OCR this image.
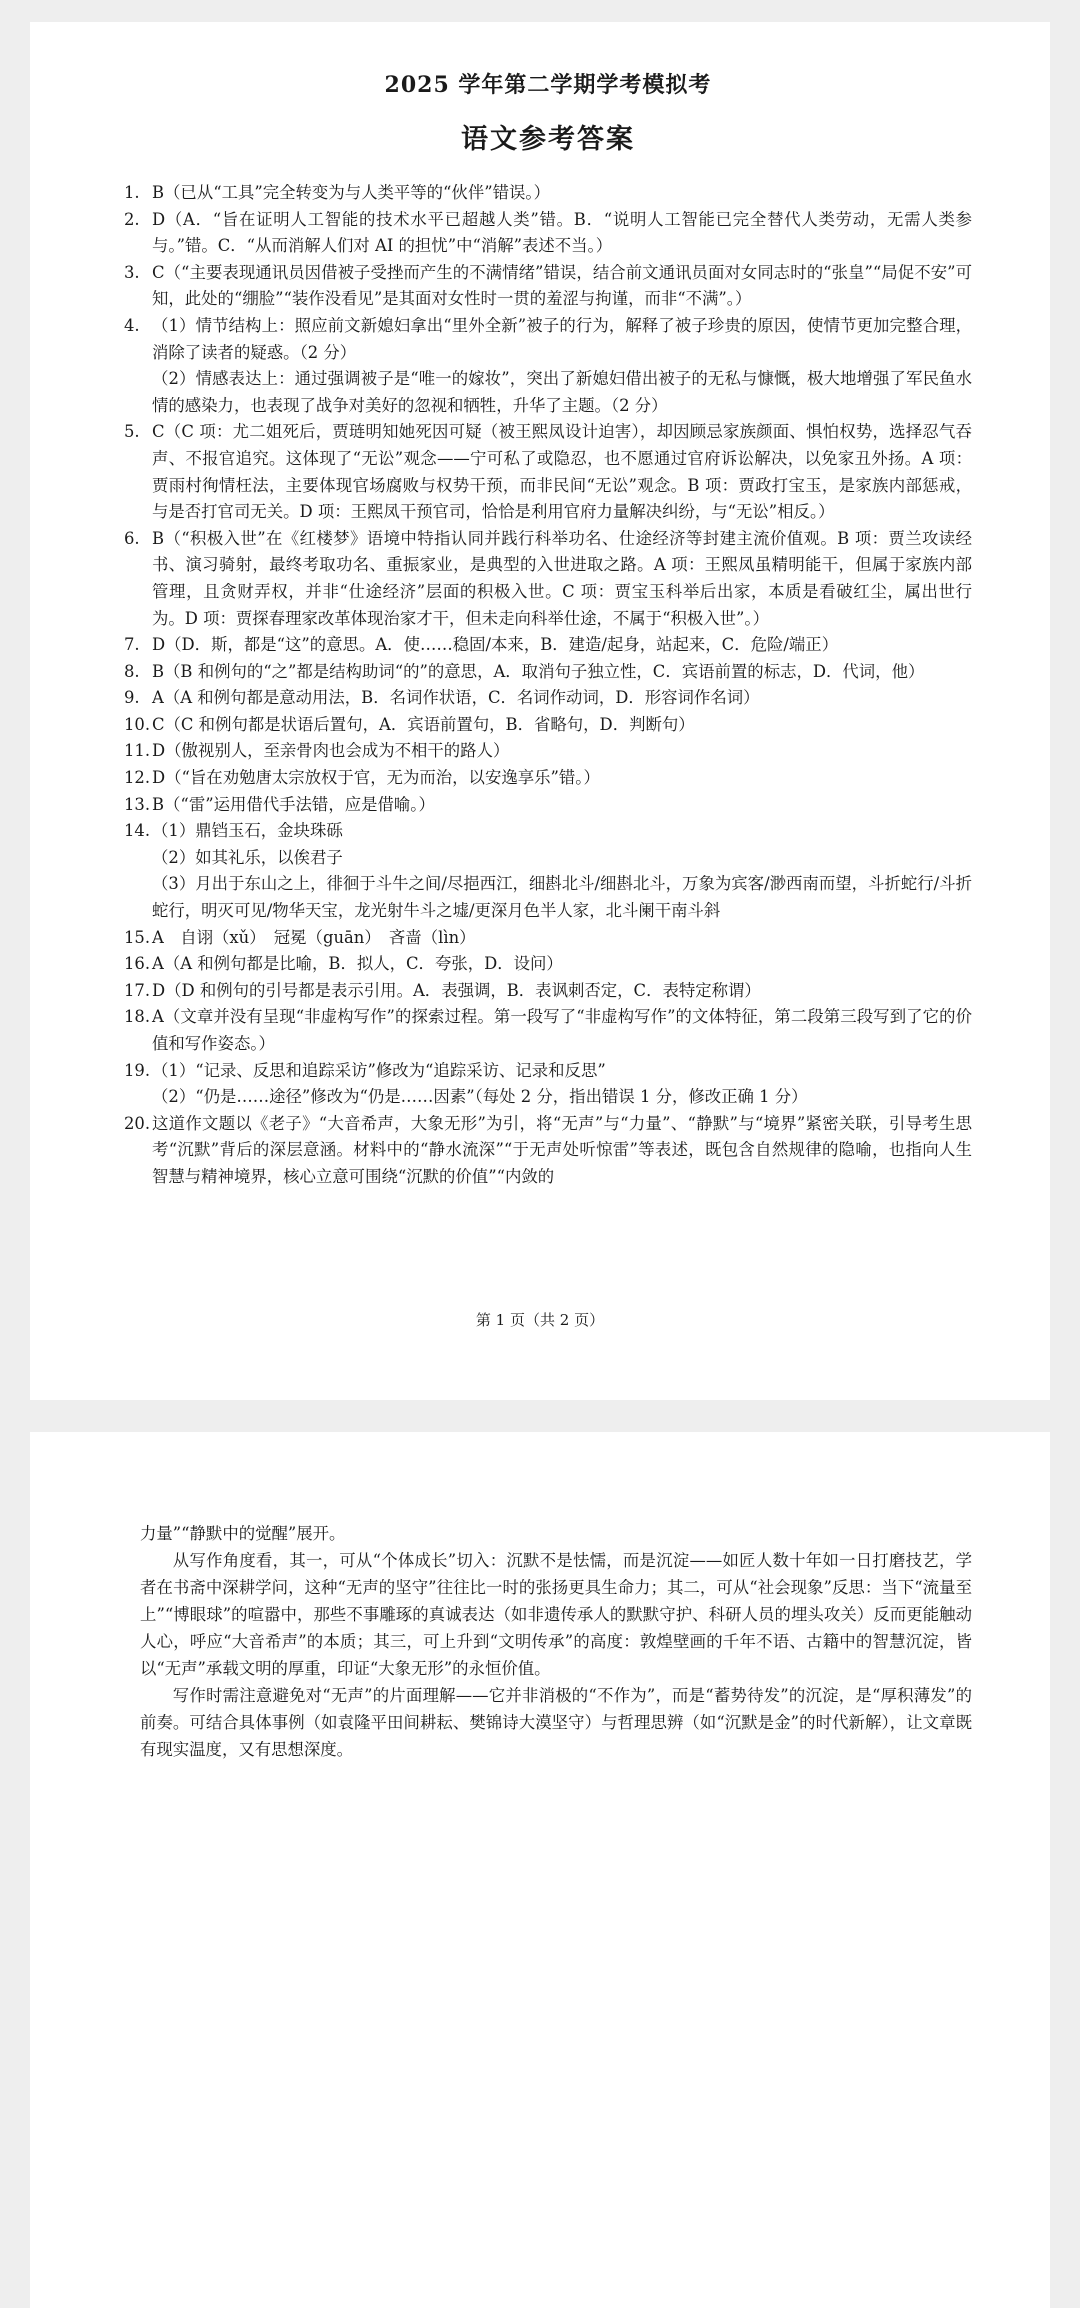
2025 学年第二学期学考模拟考
语文参考答案
1. B（已从“工具”完全转变为与人类平等的“伙伴”错误。）
2. D（A．“旨在证明人工智能的技术水平已超越人类”错。B．“说明人工智能已完全替代人类劳动，无需人类参与。”错。C．“从而消解人们对 AI 的担忧”中“消解”表述不当。）
3. C（“主要表现通讯员因借被子受挫而产生的不满情绪”错误，结合前文通讯员面对女同志时的“张皇”“局促不安”可知，此处的“绷脸”“装作没看见”是其面对女性时一贯的羞涩与拘谨，而非“不满”。）
4. （1）情节结构上：照应前文新媳妇拿出“里外全新”被子的行为，解释了被子珍贵的原因，使情节更加完整合理，消除了读者的疑惑。（2 分）
（2）情感表达上：通过强调被子是“唯一的嫁妆”，突出了新媳妇借出被子的无私与慷慨，极大地增强了军民鱼水情的感染力，也表现了战争对美好的忽视和牺牲，升华了主题。（2 分）
5. C（C 项：尤二姐死后，贾琏明知她死因可疑（被王熙凤设计迫害），却因顾忌家族颜面、惧怕权势，选择忍气吞声、不报官追究。这体现了“无讼”观念——宁可私了或隐忍，也不愿通过官府诉讼解决，以免家丑外扬。A 项：贾雨村徇情枉法，主要体现官场腐败与权势干预，而非民间“无讼”观念。B 项：贾政打宝玉，是家族内部惩戒，与是否打官司无关。D 项：王熙凤干预官司，恰恰是利用官府力量解决纠纷，与“无讼”相反。）
6. B（“积极入世”在《红楼梦》语境中特指认同并践行科举功名、仕途经济等封建主流价值观。B 项：贾兰攻读经书、演习骑射，最终考取功名、重振家业，是典型的入世进取之路。A 项：王熙凤虽精明能干，但属于家族内部管理，且贪财弄权，并非“仕途经济”层面的积极入世。C 项：贾宝玉科举后出家，本质是看破红尘，属出世行为。D 项：贾探春理家改革体现治家才干，但未走向科举仕途，不属于“积极入世”。）
7. D（D．斯，都是“这”的意思。A．使……稳固/本来，B．建造/起身，站起来，C．危险/端正）
8. B（B 和例句的“之”都是结构助词“的”的意思，A．取消句子独立性，C．宾语前置的标志，D．代词，他）
9. A（A 和例句都是意动用法，B．名词作状语，C．名词作动词，D．形容词作名词）
10. C（C 和例句都是状语后置句，A．宾语前置句，B．省略句，D．判断句）
11. D（傲视别人，至亲骨肉也会成为不相干的路人）
12. D（“旨在劝勉唐太宗放权于官，无为而治，以安逸享乐”错。）
13. B（“雷”运用借代手法错，应是借喻。）
14. （1）鼎铛玉石，金块珠砾
（2）如其礼乐，以俟君子
（3）月出于东山之上，徘徊于斗牛之间/尽挹西江，细斟北斗/细斟北斗，万象为宾客/渺西南而望，斗折蛇行/斗折蛇行，明灭可见/物华天宝，龙光射牛斗之墟/更深月色半人家，北斗阑干南斗斜
15. A　自诩（xǔ）　冠冕（guān）　吝啬（lìn）
16. A（A 和例句都是比喻，B．拟人，C．夸张，D．设问）
17. D（D 和例句的引号都是表示引用。A．表强调，B．表讽刺否定，C．表特定称谓）
18. A（文章并没有呈现“非虚构写作”的探索过程。第一段写了“非虚构写作”的文体特征，第二段第三段写到了它的价值和写作姿态。）
19. （1）“记录、反思和追踪采访”修改为“追踪采访、记录和反思”
（2）“仍是……途径”修改为“仍是……因素”（每处 2 分，指出错误 1 分，修改正确 1 分）
20. 这道作文题以《老子》“大音希声，大象无形”为引，将“无声”与“力量”、“静默”与“境界”紧密关联，引导考生思考“沉默”背后的深层意涵。材料中的“静水流深”“于无声处听惊雷”等表述，既包含自然规律的隐喻，也指向人生智慧与精神境界，核心立意可围绕“沉默的价值”“内敛的
第 1 页（共 2 页）

力量”“静默中的觉醒”展开。

从写作角度看，其一，可从“个体成长”切入：沉默不是怯懦，而是沉淀——如匠人数十年如一日打磨技艺，学者在书斋中深耕学问，这种“无声的坚守”往往比一时的张扬更具生命力；其二，可从“社会现象”反思：当下“流量至上”“博眼球”的喧嚣中，那些不事雕琢的真诚表达（如非遗传承人的默默守护、科研人员的埋头攻关）反而更能触动人心，呼应“大音希声”的本质；其三，可上升到“文明传承”的高度：敦煌壁画的千年不语、古籍中的智慧沉淀，皆以“无声”承载文明的厚重，印证“大象无形”的永恒价值。

写作时需注意避免对“无声”的片面理解——它并非消极的“不作为”，而是“蓄势待发”的沉淀，是“厚积薄发”的前奏。可结合具体事例（如袁隆平田间耕耘、樊锦诗大漠坚守）与哲理思辨（如“沉默是金”的时代新解），让文章既有现实温度，又有思想深度。
